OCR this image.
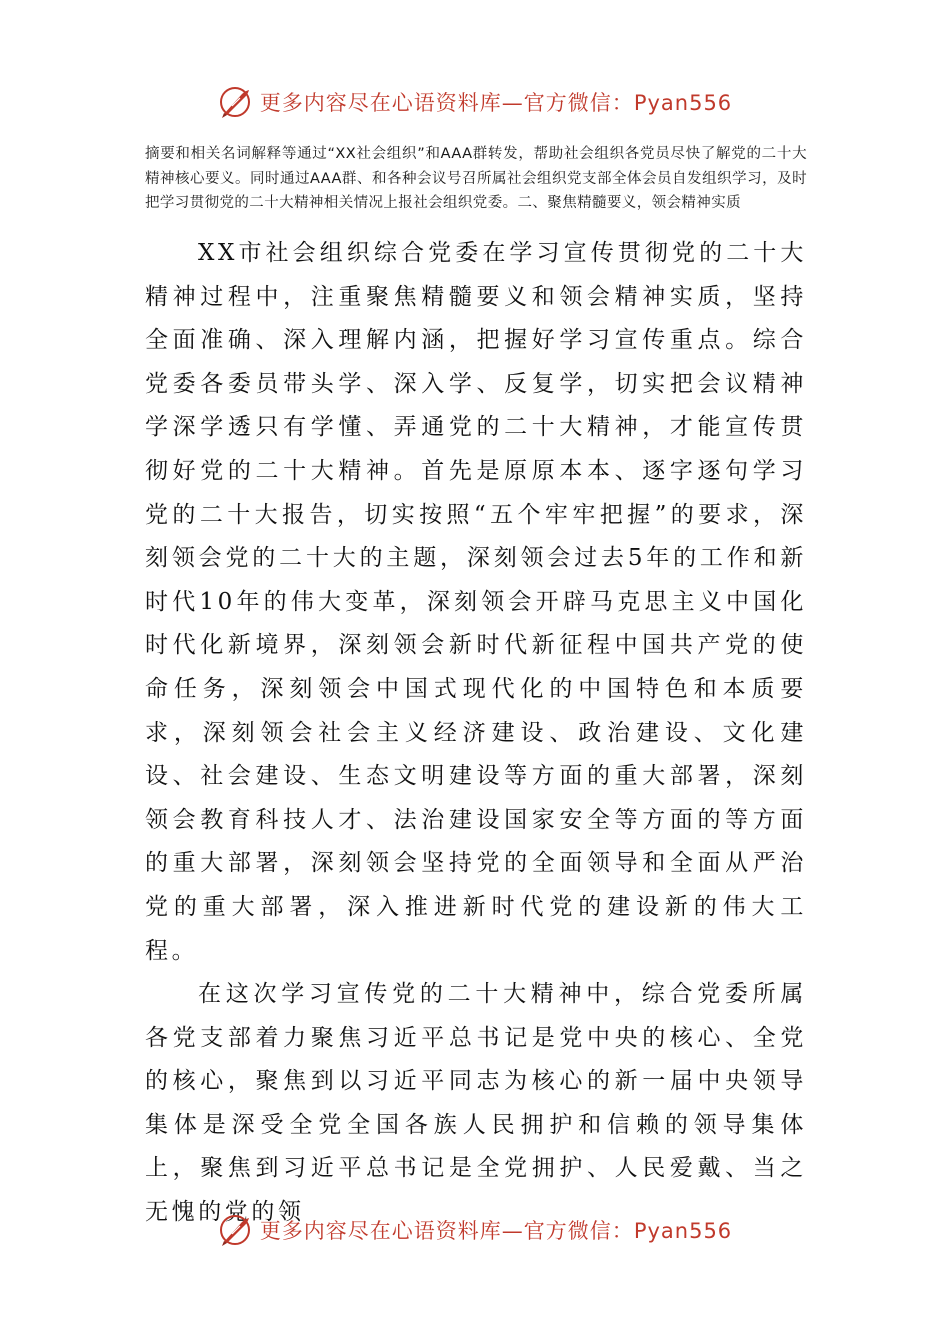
更多内容尽在心语资料库—官方微信：Pyan556

摘要和相关名词解释等通过“XX社会组织”和AAA群转发，帮助社会组织各党员尽快了解党的二十大精神核心要义。同时通过AAA群、和各种会议号召所属社会组织党支部全体会员自发组织学习，及时把学习贯彻党的二十大精神相关情况上报社会组织党委。二、聚焦精髓要义，领会精神实质

XX市社会组织综合党委在学习宣传贯彻党的二十大精神过程中，注重聚焦精髓要义和领会精神实质，坚持全面准确、深入理解内涵，把握好学习宣传重点。综合党委各委员带头学、深入学、反复学，切实把会议精神学深学透只有学懂、弄通党的二十大精神，才能宣传贯彻好党的二十大精神。首先是原原本本、逐字逐句学习党的二十大报告，切实按照“五个牢牢把握”的要求，深刻领会党的二十大的主题，深刻领会过去5年的工作和新时代10年的伟大变革，深刻领会开辟马克思主义中国化时代化新境界，深刻领会新时代新征程中国共产党的使命任务，深刻领会中国式现代化的中国特色和本质要求，深刻领会社会主义经济建设、政治建设、文化建设、社会建设、生态文明建设等方面的重大部署，深刻领会教育科技人才、法治建设国家安全等方面的等方面的重大部署，深刻领会坚持党的全面领导和全面从严治党的重大部署，深入推进新时代党的建设新的伟大工程。

在这次学习宣传党的二十大精神中，综合党委所属各党支部着力聚焦习近平总书记是党中央的核心、全党的核心，聚焦到以习近平同志为核心的新一届中央领导集体是深受全党全国各族人民拥护和信赖的领导集体上，聚焦到习近平总书记是全党拥护、人民爱戴、当之无愧的党的领

更多内容尽在心语资料库—官方微信：Pyan556
